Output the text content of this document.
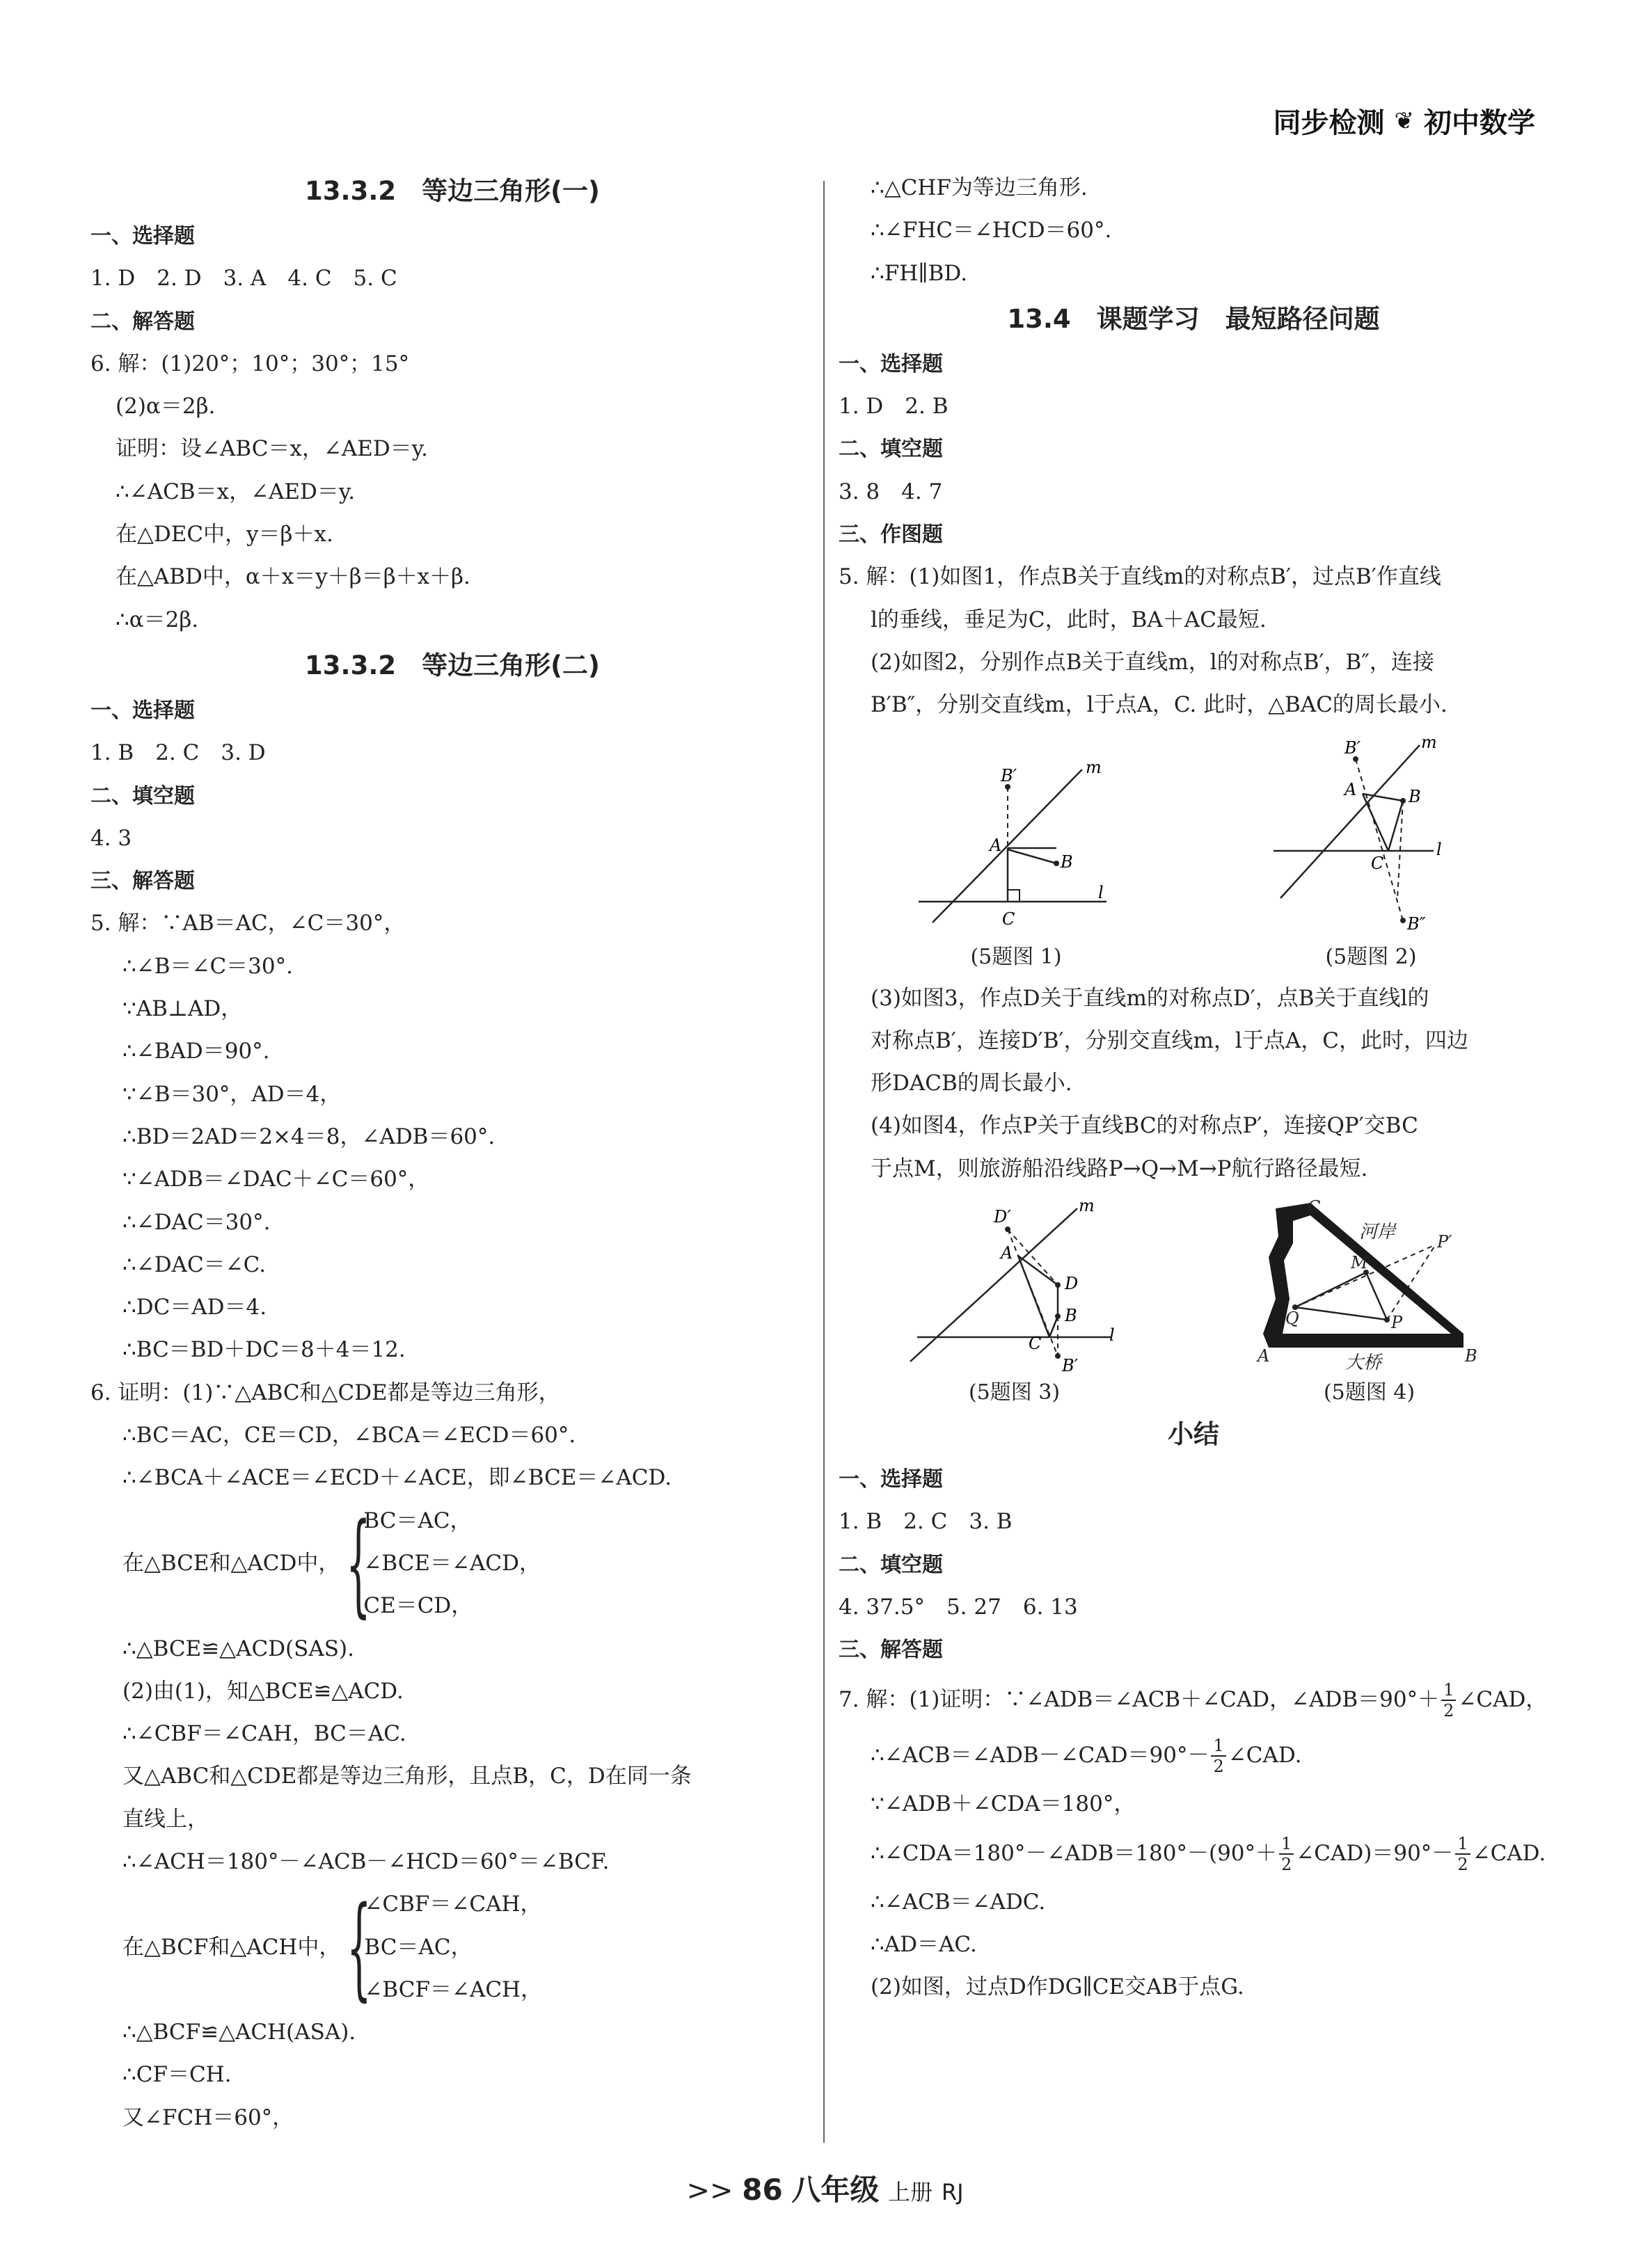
同步检测 ❦ 初中数学
13.3.2　等边三角形(一)
一、选择题
1. D　2. D　3. A　4. C　5. C
二、解答题
6. 解：(1)20°；10°；30°；15°
(2)α＝2β.
证明：设∠ABC＝x，∠AED＝y.
∴∠ACB＝x，∠AED＝y.
在△DEC中，y＝β＋x.
在△ABD中，α＋x＝y＋β＝β＋x＋β.
∴α＝2β.
13.3.2　等边三角形(二)
一、选择题
1. B　2. C　3. D
二、填空题
4. 3
三、解答题
5. 解：∵AB＝AC，∠C＝30°，
∴∠B＝∠C＝30°.
∵AB⊥AD，
∴∠BAD＝90°.
∵∠B＝30°，AD＝4，
∴BD＝2AD＝2×4＝8，∠ADB＝60°.
∵∠ADB＝∠DAC＋∠C＝60°，
∴∠DAC＝30°.
∴∠DAC＝∠C.
∴DC＝AD＝4.
∴BC＝BD＋DC＝8＋4＝12.
6. 证明：(1)∵△ABC和△CDE都是等边三角形，
∴BC＝AC，CE＝CD，∠BCA＝∠ECD＝60°.
∴∠BCA＋∠ACE＝∠ECD＋∠ACE，即∠BCE＝∠ACD.
在△BCE和△ACD中， {
BC＝AC，
∠BCE＝∠ACD，
CE＝CD，
∴△BCE≌△ACD(SAS).
(2)由(1)，知△BCE≌△ACD.
∴∠CBF＝∠CAH，BC＝AC.
又△ABC和△CDE都是等边三角形，且点B，C，D在同一条
直线上，
∴∠ACH＝180°－∠ACB－∠HCD＝60°＝∠BCF.
在△BCF和△ACH中， {
∠CBF＝∠CAH，
BC＝AC，
∠BCF＝∠ACH，
∴△BCF≌△ACH(ASA).
∴CF＝CH.
又∠FCH＝60°，
∴△CHF为等边三角形.
∴∠FHC＝∠HCD＝60°.
∴FH∥BD.
13.4　课题学习　最短路径问题
一、选择题
1. D　2. B
二、填空题
3. 8　4. 7
三、作图题
5. 解：(1)如图1，作点B关于直线m的对称点B′，过点B′作直线
l的垂线，垂足为C，此时，BA＋AC最短.
(2)如图2，分别作点B关于直线m，l的对称点B′，B″，连接
B′B″，分别交直线m，l于点A，C. 此时，△BAC的周长最小.
B′	m
A
B
C
l
(5题图 1)
B′	m
A	B
C
l
B″
(5题图 2)
(3)如图3，作点D关于直线m的对称点D′，点B关于直线l的
对称点B′，连接D′B′，分别交直线m，l于点A，C，此时，四边
形DACB的周长最小.
(4)如图4，作点P关于直线BC的对称点P′，连接QP′交BC
于点M，则旅游船沿线路P→Q→M→P航行路径最短.
D′
m
A
D
B
C	l
B′
(5题图 3)
C
河岸 P′
M
Q	P
A	B
大桥
(5题图 4)
小结
一、选择题
1. B　2. C　3. B
二、填空题
4. 37.5°　5. 27　6. 13
三、解答题
7. 解：(1)证明：∵∠ADB＝∠ACB＋∠CAD，∠ADB＝90°＋ $\frac{1}{2}$ ∠CAD，
∴∠ACB＝∠ADB－∠CAD＝90°－ $\frac{1}{2}$ ∠CAD.
∵∠ADB＋∠CDA＝180°，
∴∠CDA＝180°－∠ADB＝180°－(90°＋ $\frac{1}{2}$ ∠CAD)＝90°－ $\frac{1}{2}$ ∠CAD.
∴∠ACB＝∠ADC.
∴AD＝AC.
(2)如图，过点D作DG∥CE交AB于点G.
>> 86 八年级 上册 RJ
